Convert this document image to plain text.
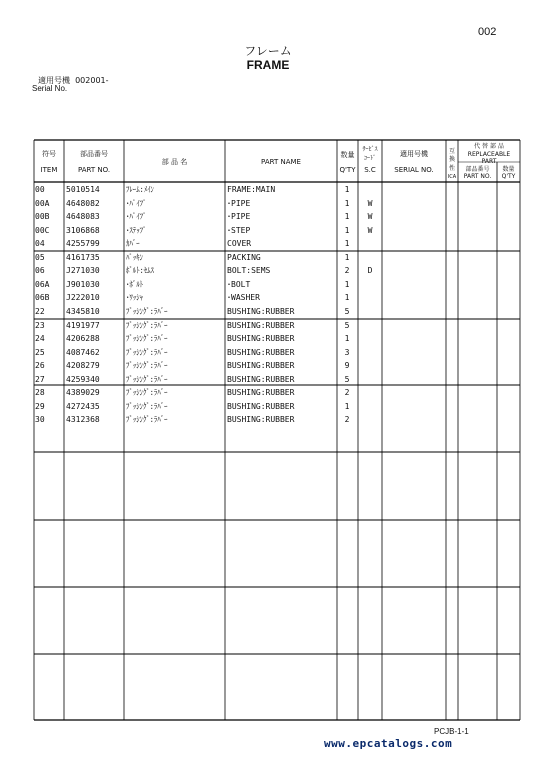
002
フレーム
FRAME
適用号機 002001-
Serial No.
符号
ITEM
部品番号
PART NO.
部 品 名	PART NAME
数量
Q'TY
ｻｰﾋﾞｽ
ｺｰﾄﾞ
S.C
適用号機
SERIAL NO.
互
換
性
ICA
代 替 部 品
REPLACEABLE
PART
部品番号
PART NO.
数量
Q'TY
00	5010514	ﾌﾚｰﾑ:ﾒｲﾝ	FRAME:MAIN	1
00A 4648082	･ﾊﾟｲﾌﾟ	･PIPE	1	W
00B 4648083	･ﾊﾟｲﾌﾟ	･PIPE	1	W
00C 3106868	･ｽﾃｯﾌﾟ	･STEP	1	W
04	4255799	ｶﾊﾞｰ	COVER	1
05	4161735	ﾊﾟｯｷﾝ	PACKING	1
06	J271030	ﾎﾞﾙﾄ:ｾﾑｽ	BOLT:SEMS	2	D
06A J901030	･ﾎﾞﾙﾄ	･BOLT	1
06B J222010	･ﾜｯｼｬ	･WASHER	1
22	4345810	ﾌﾞｯｼﾝｸﾞ:ﾗﾊﾞｰ	BUSHING:RUBBER	5
23	4191977	ﾌﾞｯｼﾝｸﾞ:ﾗﾊﾞｰ	BUSHING:RUBBER	5
24	4206288	ﾌﾞｯｼﾝｸﾞ:ﾗﾊﾞｰ	BUSHING:RUBBER	1
25	4087462	ﾌﾞｯｼﾝｸﾞ:ﾗﾊﾞｰ	BUSHING:RUBBER	3
26	4208279	ﾌﾞｯｼﾝｸﾞ:ﾗﾊﾞｰ	BUSHING:RUBBER	9
27	4259340	ﾌﾞｯｼﾝｸﾞ:ﾗﾊﾞｰ	BUSHING:RUBBER	5
28	4389029	ﾌﾞｯｼﾝｸﾞ:ﾗﾊﾞｰ	BUSHING:RUBBER	2
29	4272435	ﾌﾞｯｼﾝｸﾞ:ﾗﾊﾞｰ	BUSHING:RUBBER	1
30	4312368	ﾌﾞｯｼﾝｸﾞ:ﾗﾊﾞｰ	BUSHING:RUBBER	2
PCJB-1-1
www.epcatalogs.com
